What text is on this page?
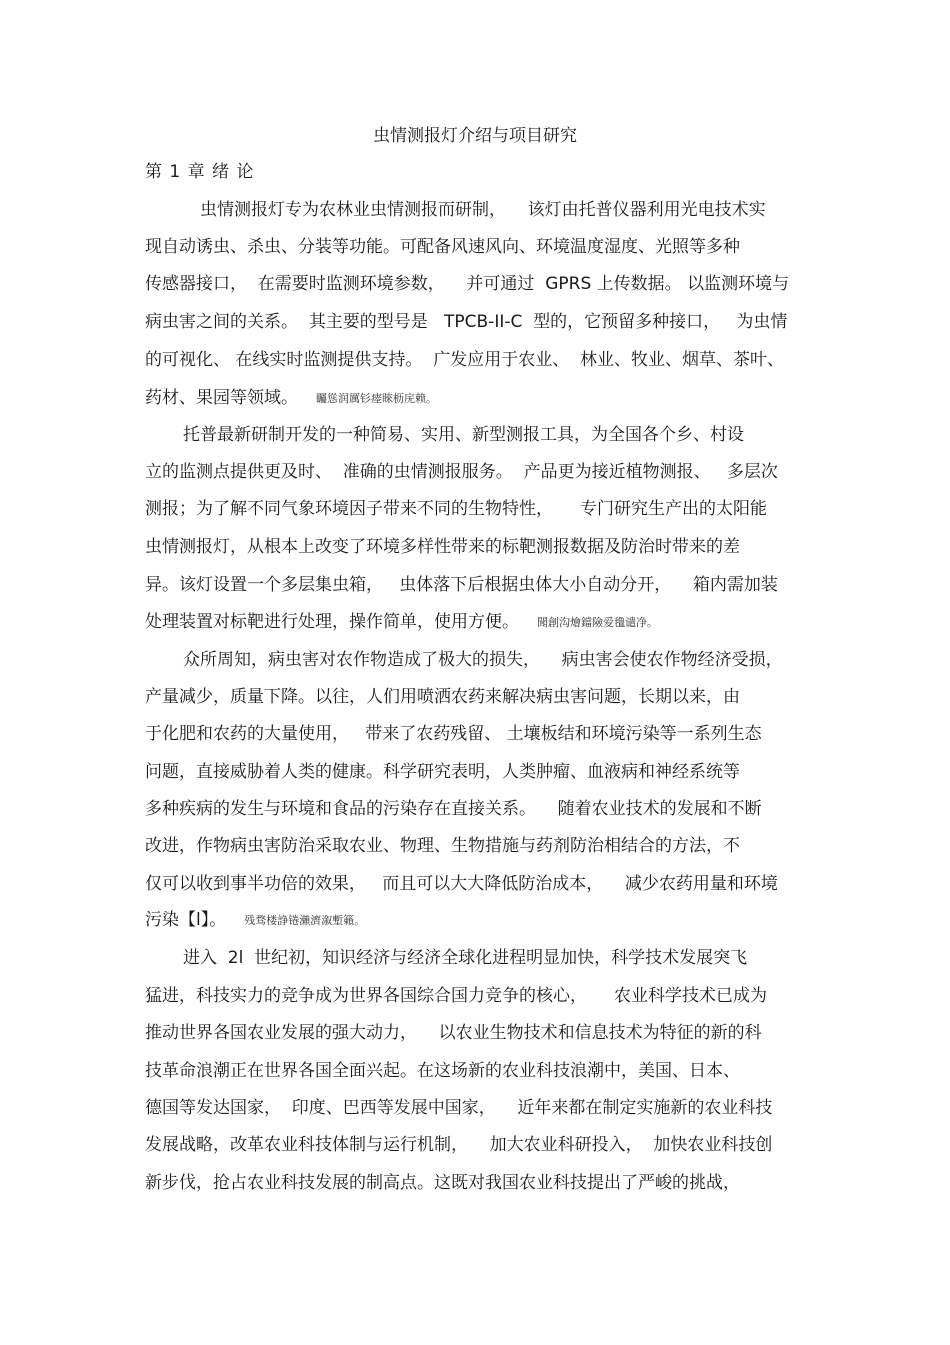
虫情测报灯介绍与项目研究
第 1 章 绪 论
虫情测报灯专为农林业虫情测报而研制，    该灯由托普仪器利用光电技术实
现自动诱虫、杀虫、分装等功能。可配备风速风向、环境温度湿度、光照等多种
传感器接口，  在需要时监测环境参数，    并可通过  GPRS 上传数据。 以监测环境与
病虫害之间的关系。  其主要的型号是   TPCB-II-C  型的，它预留多种接口，   为虫情
的可视化、 在线实时监测提供支持。  广发应用于农业、  林业、牧业、烟草、茶叶、
药材、果园等领域。 矚慫润厲钐瘗睞枥庑赖。
托普最新研制开发的一种简易、实用、新型测报工具，为全国各个乡、村设
立的监测点提供更及时、  准确的虫情测报服务。  产品更为接近植物测报、   多层次
测报；为了解不同气象环境因子带来不同的生物特性，     专门研究生产出的太阳能
虫情测报灯，从根本上改变了环境多样性带来的标靶测报数据及防治时带来的差
异。该灯设置一个多层集虫箱，   虫体落下后根据虫体大小自动分开，    箱内需加装
处理装置对标靶进行处理，操作简单，使用方便。 聞創沟燴鐺險爱氇谴净。
众所周知，病虫害对农作物造成了极大的损失，    病虫害会使农作物经济受损，
产量减少，质量下降。以往，人们用喷洒农药来解决病虫害问题，长期以来，由
于化肥和农药的大量使用，   带来了农药残留、 土壤板结和环境污染等一系列生态
问题，直接威胁着人类的健康。科学研究表明，人类肿瘤、血液病和神经系统等
多种疾病的发生与环境和食品的污染存在直接关系。    随着农业技术的发展和不断
改进，作物病虫害防治采取农业、物理、生物措施与药剂防治相结合的方法，不
仅可以收到事半功倍的效果，   而且可以大大降低防治成本，    减少农药用量和环境
污染【l】。 残骛楼諍锩瀨濟溆塹籟。
进入  2l  世纪初，知识经济与经济全球化进程明显加快，科学技术发展突飞
猛进，科技实力的竞争成为世界各国综合国力竞争的核心，     农业科学技术已成为
推动世界各国农业发展的强大动力，    以农业生物技术和信息技术为特征的新的科
技革命浪潮正在世界各国全面兴起。在这场新的农业科技浪潮中，美国、日本、
德国等发达国家，  印度、巴西等发展中国家，    近年来都在制定实施新的农业科技
发展战略，改革农业科技体制与运行机制，    加大农业科研投入，  加快农业科技创
新步伐，抢占农业科技发展的制高点。这既对我国农业科技提出了严峻的挑战，
